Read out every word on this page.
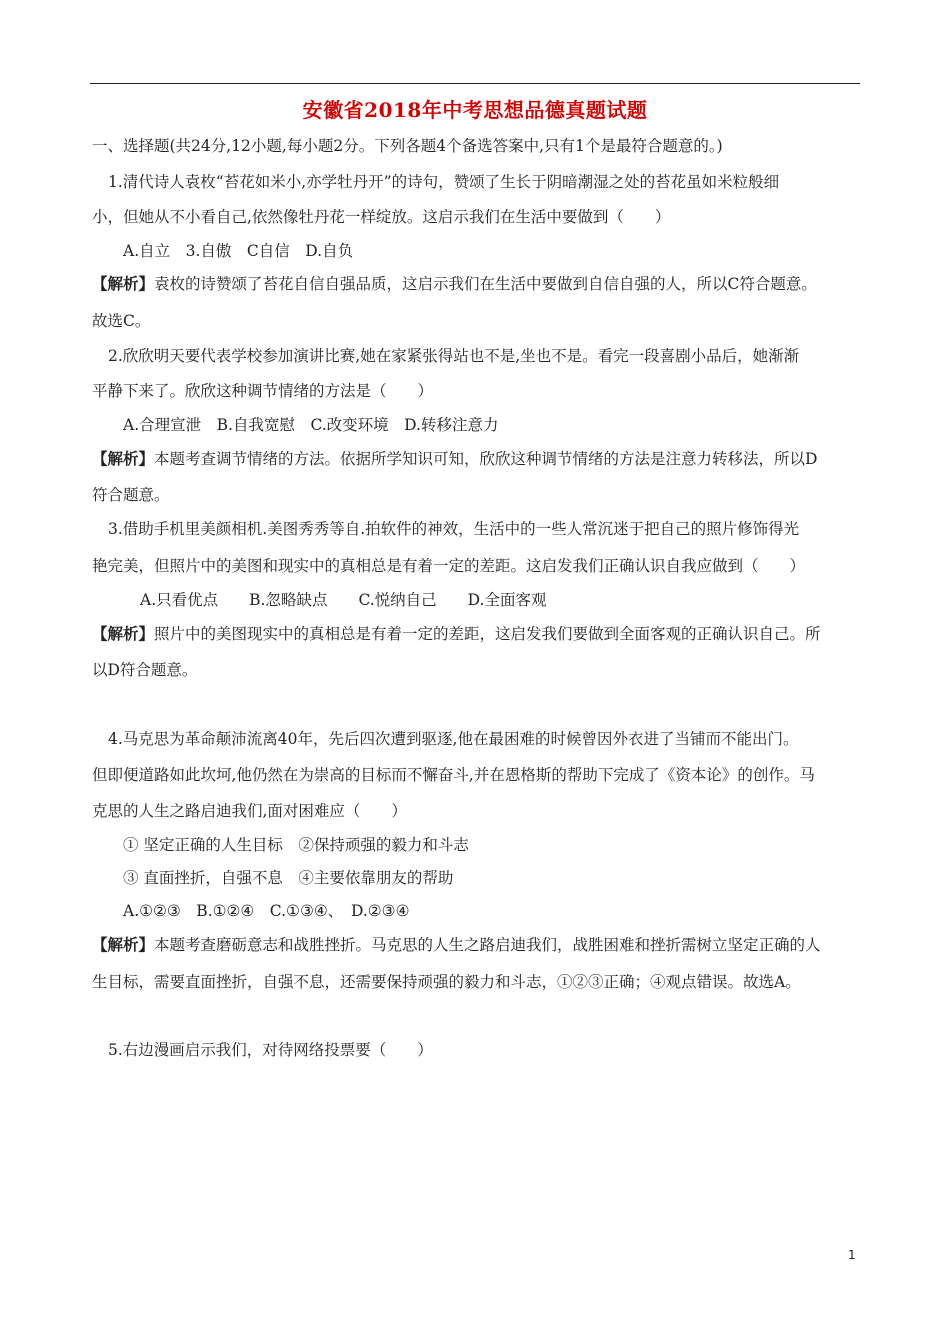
安徽省2018年中考思想品德真题试题
一、选择题(共24分,12小题,每小题2分。下列各题4个备选答案中,只有1个是最符合题意的。)
1.清代诗人袁枚“苔花如米小,亦学牡丹开”的诗句，赞颂了生长于阴暗潮湿之处的苔花虽如米粒般细
小，但她从不小看自己,依然像牡丹花一样绽放。这启示我们在生活中要做到（　　）
A.自立　3.自傲　C自信　D.自负
【解析】袁枚的诗赞颂了苔花自信自强品质，这启示我们在生活中要做到自信自强的人，所以C符合题意。
故选C。
2.欣欣明天要代表学校参加演讲比赛,她在家紧张得站也不是,坐也不是。看完一段喜剧小品后，她渐渐
平静下来了。欣欣这种调节情绪的方法是（　　）
A.合理宣泄　B.自我宽慰　C.改变环境　D.转移注意力
【解析】本题考查调节情绪的方法。依据所学知识可知，欣欣这种调节情绪的方法是注意力转移法，所以D
符合题意。
3.借助手机里美颜相机.美图秀秀等自.拍软件的神效，生活中的一些人常沉迷于把自己的照片修饰得光
艳完美，但照片中的美图和现实中的真相总是有着一定的差距。这启发我们正确认识自我应做到（　　）
A.只看优点　　B.忽略缺点　　C.悦纳自己　　D.全面客观
【解析】照片中的美图现实中的真相总是有着一定的差距，这启发我们要做到全面客观的正确认识自己。所
以D符合题意。
4.马克思为革命颠沛流离40年，先后四次遭到驱逐,他在最困难的时候曾因外衣进了当铺而不能出门。
但即便道路如此坎坷,他仍然在为崇高的目标而不懈奋斗,并在恩格斯的帮助下完成了《资本论》的创作。马
克思的人生之路启迪我们,面对困难应（　　）
① 坚定正确的人生目标　②保持顽强的毅力和斗志
③ 直面挫折，自强不息　④主要依靠朋友的帮助
A.①②③　B.①②④　C.①③④、　D.②③④
【解析】本题考查磨砺意志和战胜挫折。马克思的人生之路启迪我们，战胜困难和挫折需树立坚定正确的人
生目标，需要直面挫折，自强不息，还需要保持顽强的毅力和斗志，①②③正确；④观点错误。故选A。
5.右边漫画启示我们，对待网络投票要（　　）
1
